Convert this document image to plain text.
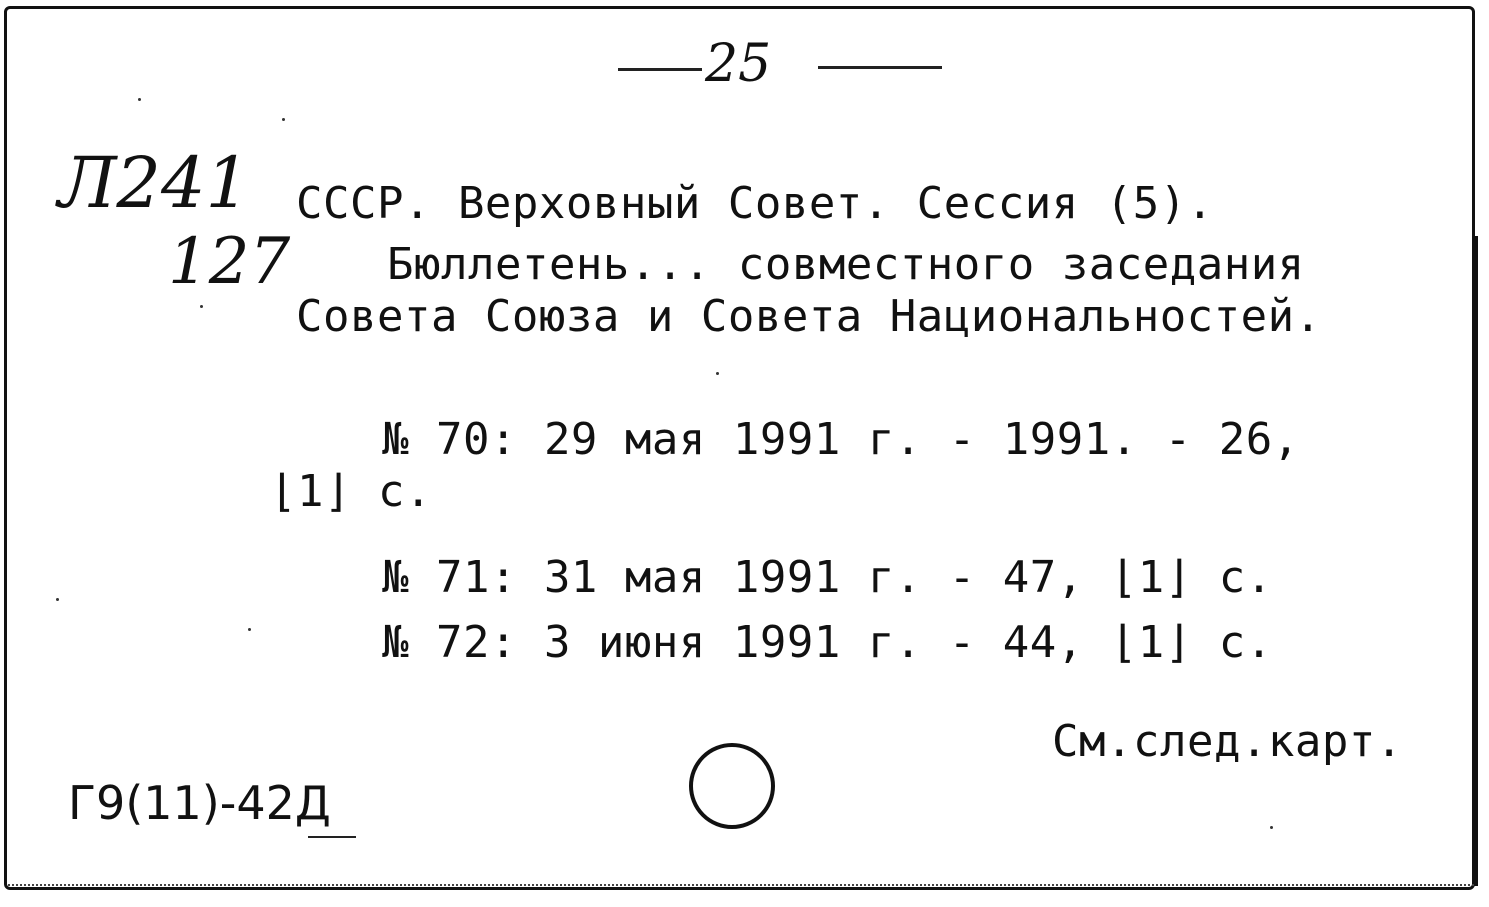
25
Л241
127
СССР. Верховный Совет. Сессия (5).
Бюллетень... совместного заседания
Совета Союза и Совета Национальностей.
№ 70: 29 мая 1991 г. - 1991. - 26,
⌊1⌋ с.
№ 71: 31 мая 1991 г. - 47, ⌊1⌋ с.
№ 72: 3 июня 1991 г. - 44, ⌊1⌋ с.
См.след.карт.
Г9(11)-42Д
